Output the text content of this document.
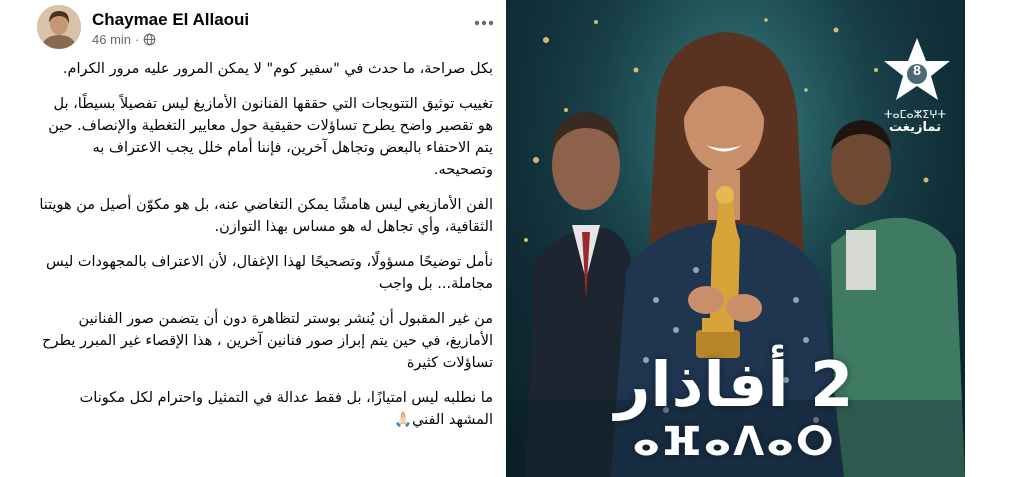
Chaymae El Allaoui
46 min ·

بكل صراحة، ما حدث في "سفير كوم" لا يمكن المرور عليه مرور الكرام.

تغييب توثيق التتويجات التي حققها الفنانون الأمازيغ ليس تفصيلاً بسيطًا، بل هو تقصير واضح يطرح تساؤلات حقيقية حول معايير التغطية والإنصاف. حين يتم الاحتفاء بالبعض وتجاهل آخرين، فإننا أمام خلل يجب الاعتراف به وتصحيحه.

الفن الأمازيغي ليس هامشًا يمكن التغاضي عنه، بل هو مكوّن أصيل من هويتنا الثقافية، وأي تجاهل له هو مساس بهذا التوازن.

نأمل توضيحًا مسؤولًا، وتصحيحًا لهذا الإغفال، لأن الاعتراف بالمجهودات ليس مجاملة... بل واجب

من غير المقبول أن يُنشر بوستر لتظاهرة دون أن يتضمن صور الفنانين الأمازيغ، في حين يتم إبراز صور فنانين آخرين ، هذا الإقصاء غير المبرر يطرح تساؤلات كثيرة

ما نطلبه ليس امتيازًا، بل فقط عدالة في التمثيل واحترام لكل مكونات المشهد الفني🙏🏻

8
ⵜⴰⵎⴰⵣⵉⵖⵜ
تمازيغت
2 أفاذار
ⴰⴼⴰⴷⴰⵔ
